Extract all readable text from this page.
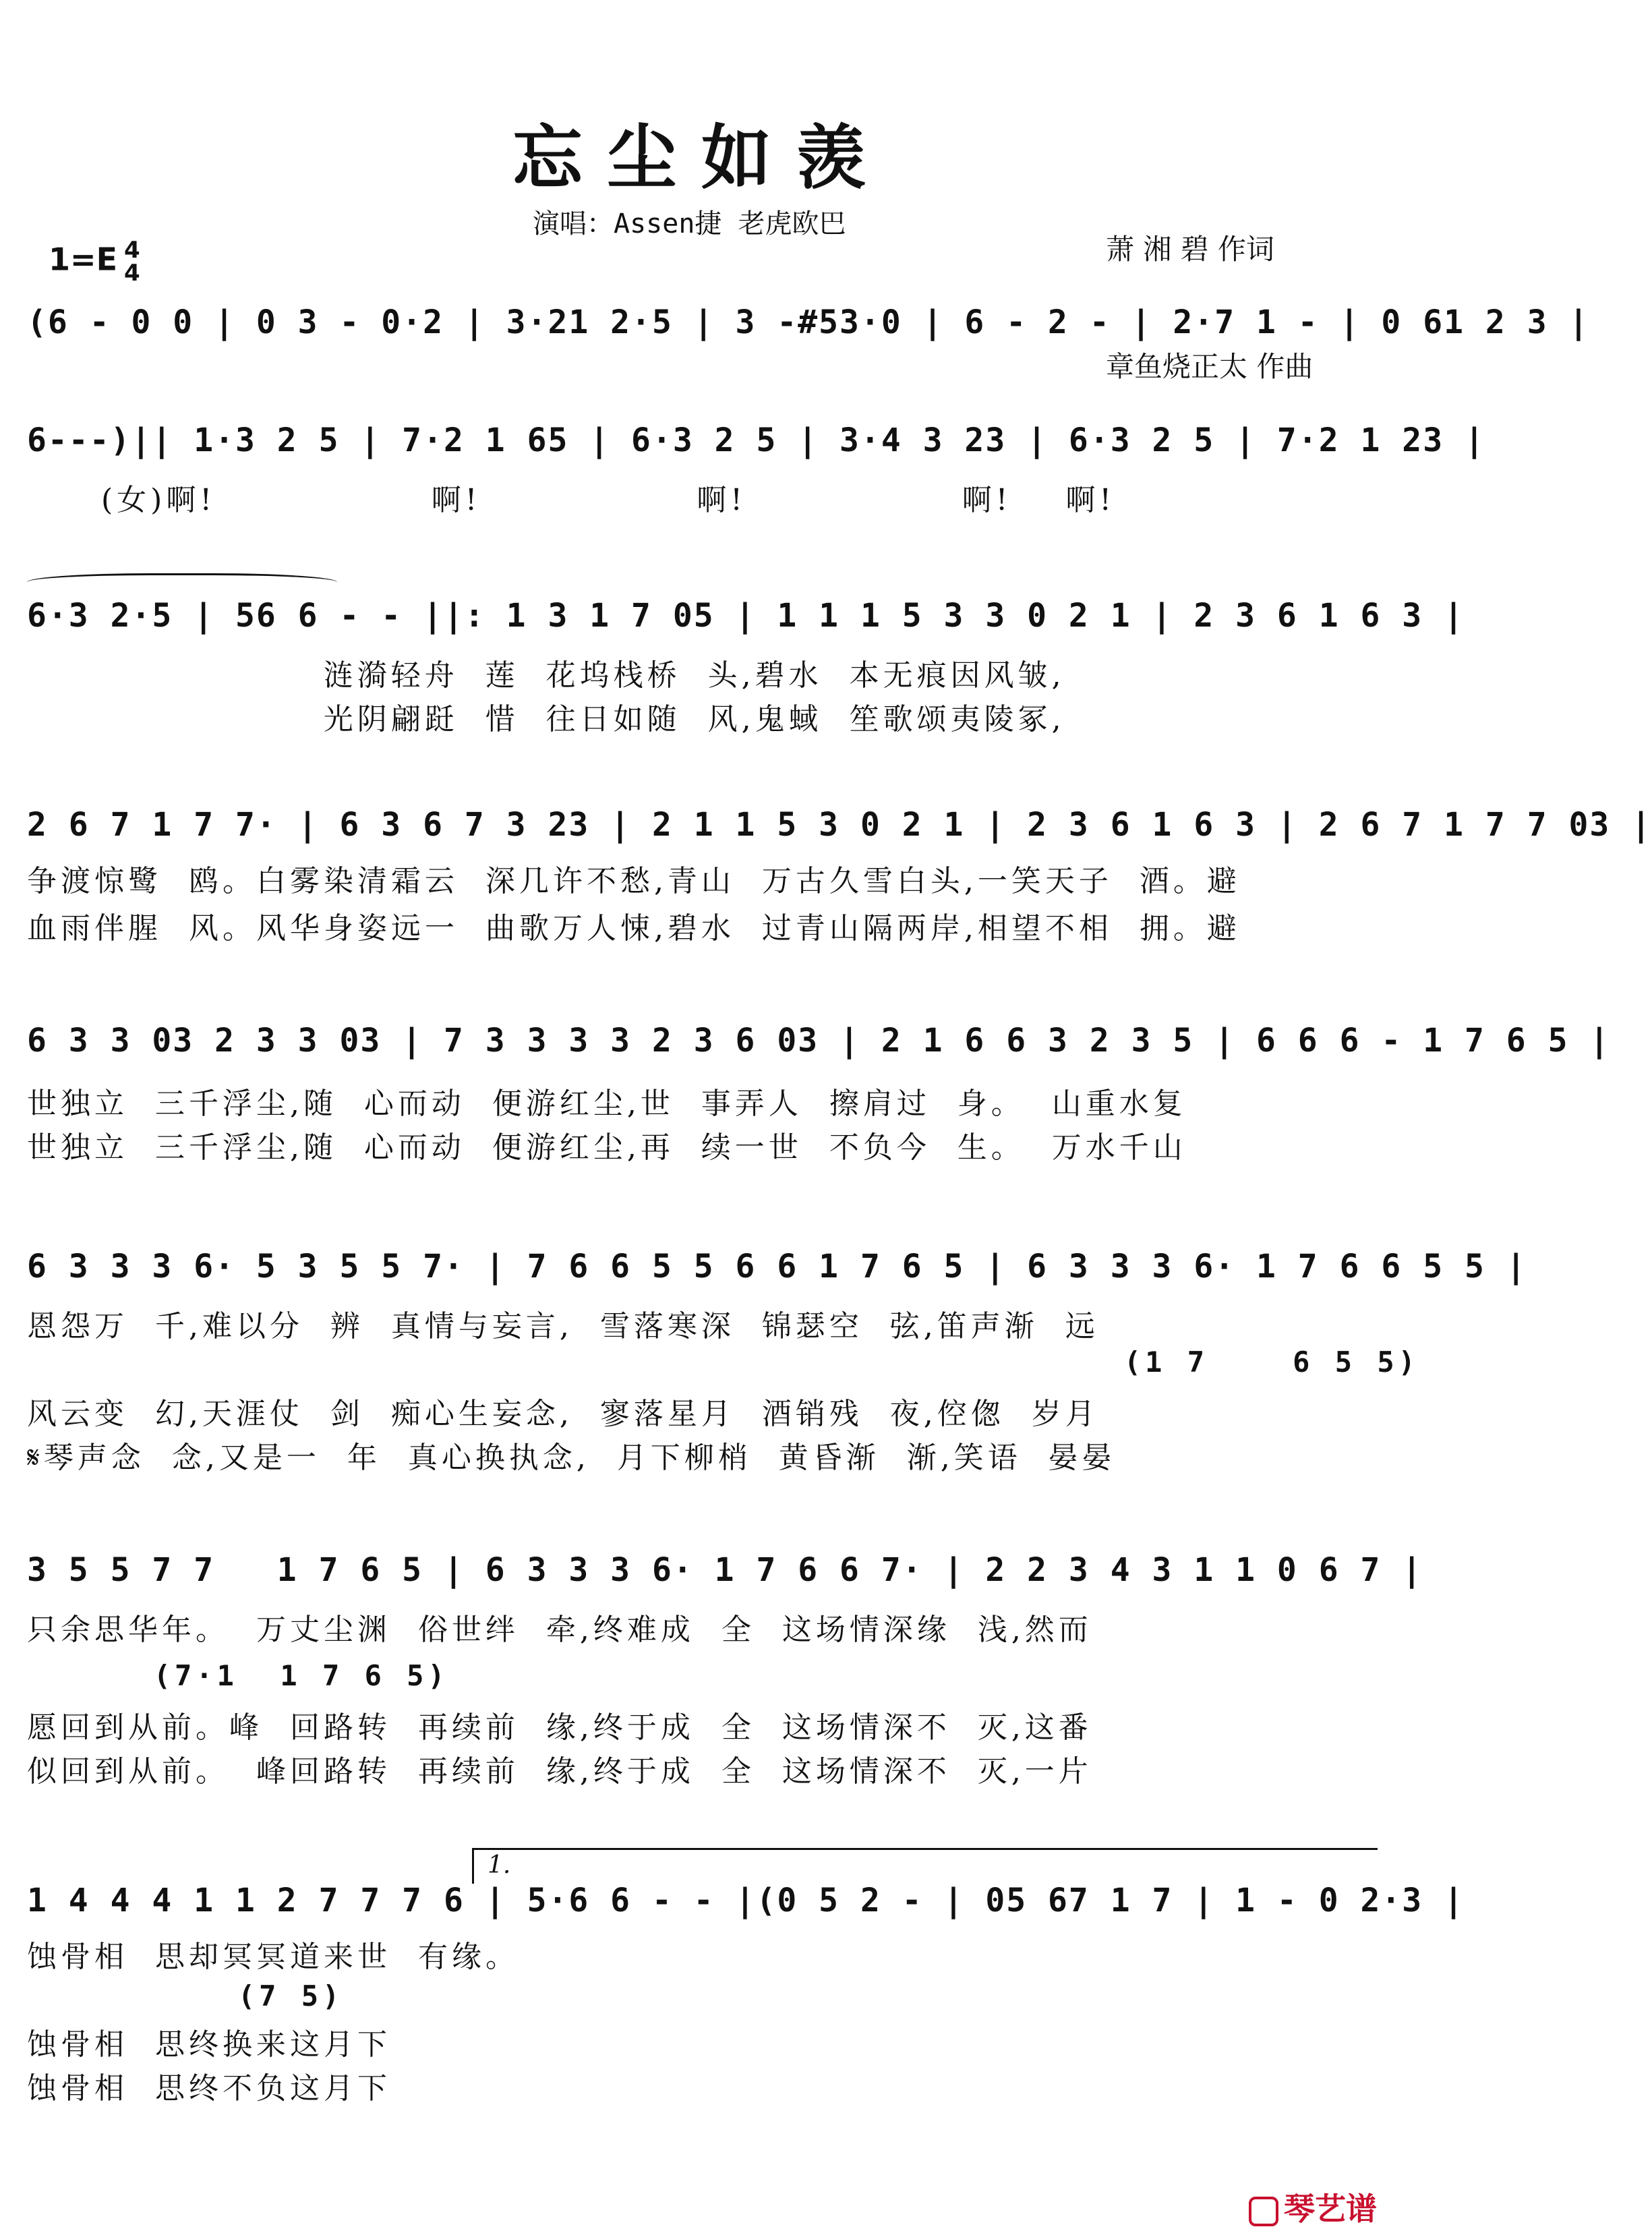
忘尘如羡

萧 湘 碧 作词

章鱼烧正太 作曲

1=E 4
4

演唱：Assen捷 老虎欧巴
(6 - 0 0 | 0 3 - 0·2 | 3·21 2·5 | 3 -#53·0 | 6 - 2 - | 2·7 1 - | 0 61 2 3 |
6---)|| 1·3 2 5 | 7·2 1 65 | 6·3 2 5 | 3·4 3 23 | 6·3 2 5 | 7·2 1 23 |
(女)啊!                啊!                啊!                啊!    啊!
6·3 2·5 | 56 6 - - ||: 1 3 1 7 05 | 1 1 1 5 3 3 0 2 1 | 2 3 6 1 6 3 |
涟漪轻舟  莲  花坞栈桥  头,碧水  本无痕因风皱,
光阴翩跹  惜  往日如随  风,鬼蜮  笙歌颂夷陵冢,
2 6 7 1 7 7· | 6 3 6 7 3 23 | 2 1 1 5 3 0 2 1 | 2 3 6 1 6 3 | 2 6 7 1 7 7 03 |
争渡惊鹭  鸥。白雾染清霜云  深几许不愁,青山  万古久雪白头,一笑天子  酒。避
血雨伴腥  风。风华身姿远一  曲歌万人悚,碧水  过青山隔两岸,相望不相  拥。避
6 3 3 03 2 3 3 03 | 7 3 3 3 3 2 3 6 03 | 2 1 6 6 3 2 3 5 | 6 6 6 - 1 7 6 5 |
世独立  三千浮尘,随  心而动  便游红尘,世  事弄人  擦肩过  身。  山重水复
世独立  三千浮尘,随  心而动  便游红尘,再  续一世  不负今  生。  万水千山
6 3 3 3 6· 5 3 5 5 7· | 7 6 6 5 5 6 6 1 7 6 5 | 6 3 3 3 6· 1 7 6 6 5 5 |
恩怨万  千,难以分  辨  真情与妄言,  雪落寒深  锦瑟空  弦,笛声渐  远
(1 7    6 5 5)
风云变  幻,天涯仗  剑  痴心生妄念,  寥落星月  酒销残  夜,倥偬  岁月
𝄋琴声念  念,又是一  年  真心换执念,  月下柳梢  黄昏渐  渐,笑语  晏晏
3 5 5 7 7   1 7 6 5 | 6 3 3 3 6· 1 7 6 6 7· | 2 2 3 4 3 1 1 0 6 7 |
只余思华年。  万丈尘渊  俗世绊  牵,终难成  全  这场情深缘  浅,然而
(7·1  1 7 6 5)
愿回到从前。峰  回路转  再续前  缘,终于成  全  这场情深不  灭,这番
似回到从前。  峰回路转  再续前  缘,终于成  全  这场情深不  灭,一片
1.
1 4 4 4 1 1 2 7 7 7 6 | 5·6 6 - - |(0 5 2 - | 05 67 1 7 | 1 - 0 2·3 |
蚀骨相  思却冥冥道来世  有缘。
(7 5)
蚀骨相  思终换来这月下
蚀骨相  思终不负这月下

琴艺谱
